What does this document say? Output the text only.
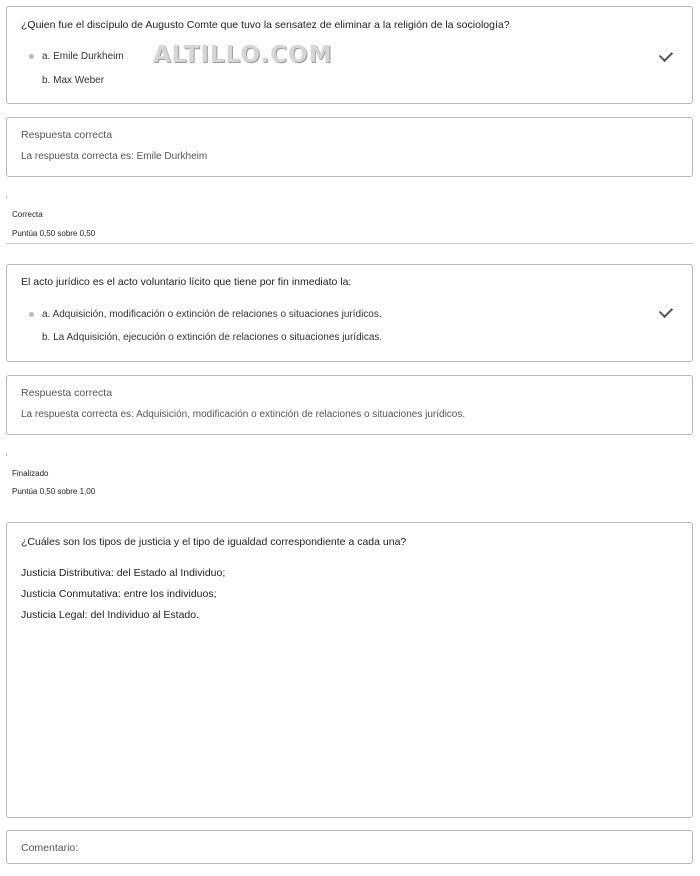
¿Quien fue el discípulo de Augusto Comte que tuvo la sensatez de eliminar a la religión de la sociología?
a. Emile Durkheim
b. Max Weber
ALTILLO.COM
Respuesta correcta
La respuesta correcta es: Emile Durkheim
Correcta
Puntúa 0,50 sobre 0,50
El acto jurídico es el acto voluntario lícito que tiene por fin inmediato la:
a. Adquisición, modificación o extinción de relaciones o situaciones jurídicos.
b. La Adquisición, ejecución o extinción de relaciones o situaciones jurídicas.
Respuesta correcta
La respuesta correcta es: Adquisición, modificación o extinción de relaciones o situaciones jurídicos.
Finalizado
Puntúa 0,50 sobre 1,00
¿Cuáles son los tipos de justicia y el tipo de igualdad correspondiente a cada una?
Justicia Distributiva: del Estado al Individuo;
Justicia Conmutativa: entre los individuos;
Justicia Legal: del Individuo al Estado.
Comentario:
